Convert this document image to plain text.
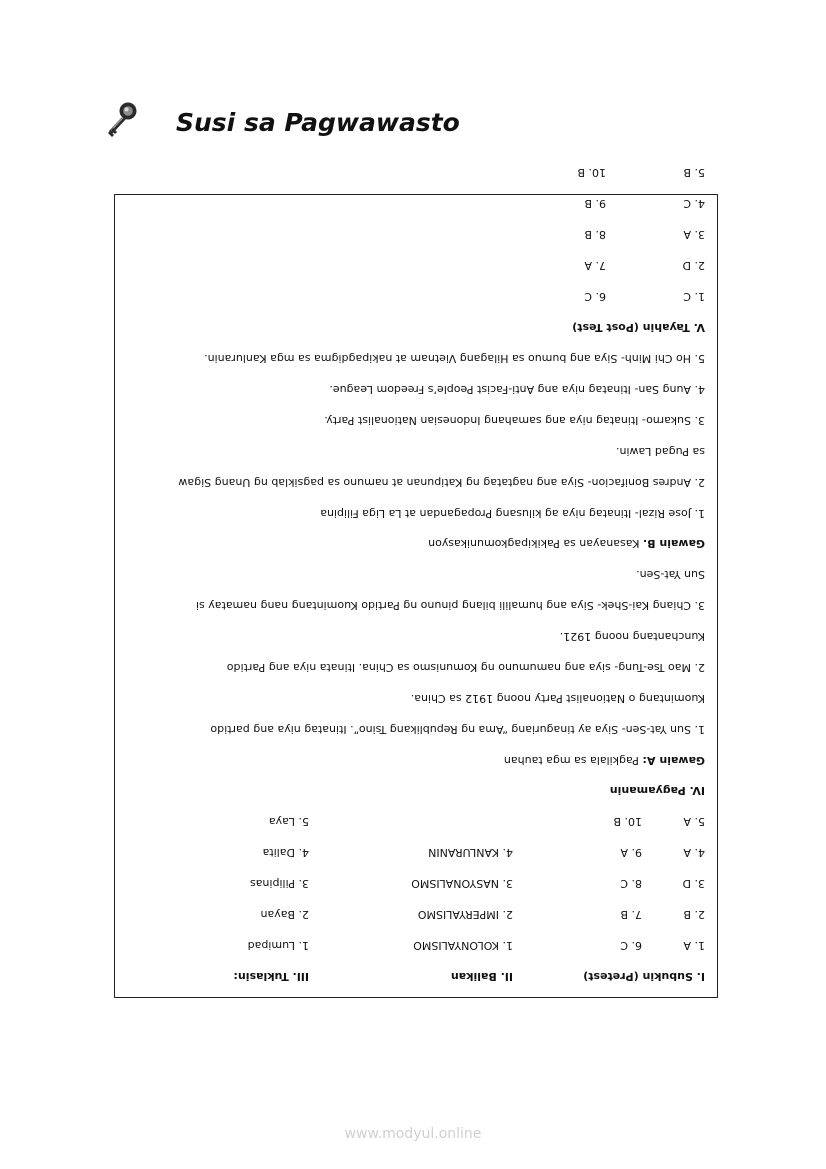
Susi sa Pagwawasto
I. Subukin (Pretest)
II. Balikan
III. Tuklasin:
1. A
2. B
3. D
4. A
5. A
6. C
7. B
8. C
9. A
10. B
1. KOLONYALISMO
2. IMPERYALISMO
3. NASYONALISMO
4. KANLURANIN
1. Lumipad
2. Bayan
3. Pilipinas
4. Dalita
5. Laya
IV. Pagyamanin
Gawain A: Pagkilala sa mga tauhan
1. Sun Yat-Sen- Siya ay tinaguriang “Ama ng Republikang Tsino”. Itinatag niya ang partido
Kuomintang o Nationalist Party noong 1912 sa China.
2. Mao Tse-Tung- siya ang namumuno ng Komunismo sa China. Itinata niya ang Partido
Kunchantang noong 1921.
3. Chiang Kai-Shek- Siya ang humalili bilang pinuno ng Partido Kuomintang nang namatay si
Sun Yat-Sen.
Gawain B. Kasanayan sa Pakikipagkomunikasyon
1. Jose Rizal- Itinatag niya ag kilusang Propagandan at La Liga Filipina
2. Andres Bonifacion- Siya ang nagtatag ng Katipunan at namuno sa pagsiklab ng Unang Sigaw
sa Pugad Lawin.
3. Sukarno- Itinatag niya ang samahang Indonesian Nationalist Party.
4. Aung San- Itinatag niya ang Anti-Facist People’s Freedom League.
5. Ho Chi Minh- Siya ang bumuo sa Hilagang Vietnam at nakipagdigma sa mga Kanluranin.
V. Tayahin (Post Test)
1. C
2. D
3. A
4. C
5. B
6. C
7. A
8. B
9. B
10. B
www.modyul.online
